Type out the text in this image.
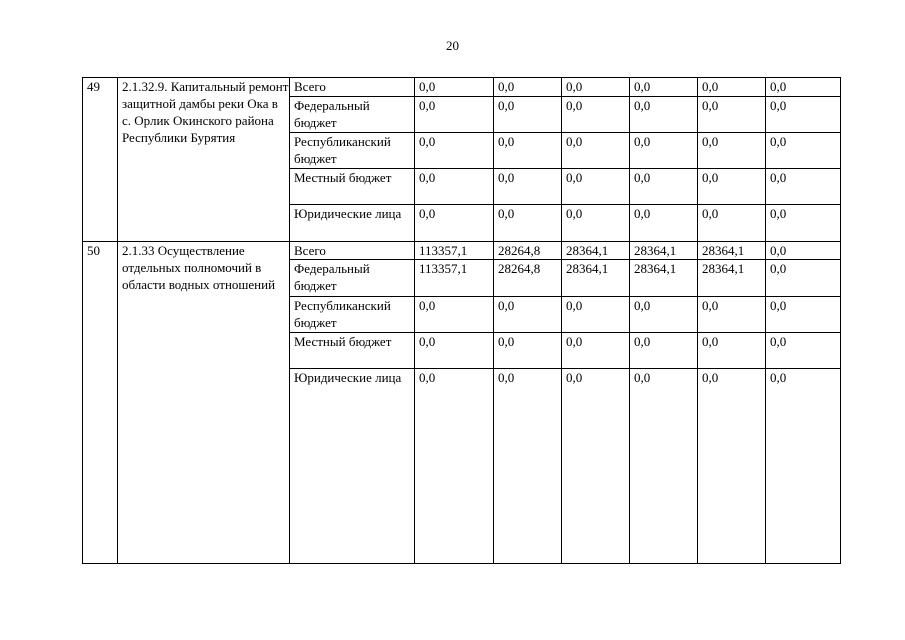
20
49	2.1.32.9. Капитальный ремонт защитной дамбы реки Ока в с. Орлик Окинского района Республики Бурятия	Всего	0,0	0,0	0,0	0,0	0,0	0,0
		Федеральный бюджет	0,0	0,0	0,0	0,0	0,0	0,0
		Республиканский бюджет	0,0	0,0	0,0	0,0	0,0	0,0
		Местный бюджет	0,0	0,0	0,0	0,0	0,0	0,0
		Юридические лица	0,0	0,0	0,0	0,0	0,0	0,0
50	2.1.33 Осуществление отдельных полномочий в области водных отношений	Всего	113357,1	28264,8	28364,1	28364,1	28364,1	0,0
		Федеральный бюджет	113357,1	28264,8	28364,1	28364,1	28364,1	0,0
		Республиканский бюджет	0,0	0,0	0,0	0,0	0,0	0,0
		Местный бюджет	0,0	0,0	0,0	0,0	0,0	0,0
		Юридические лица	0,0	0,0	0,0	0,0	0,0	0,0
